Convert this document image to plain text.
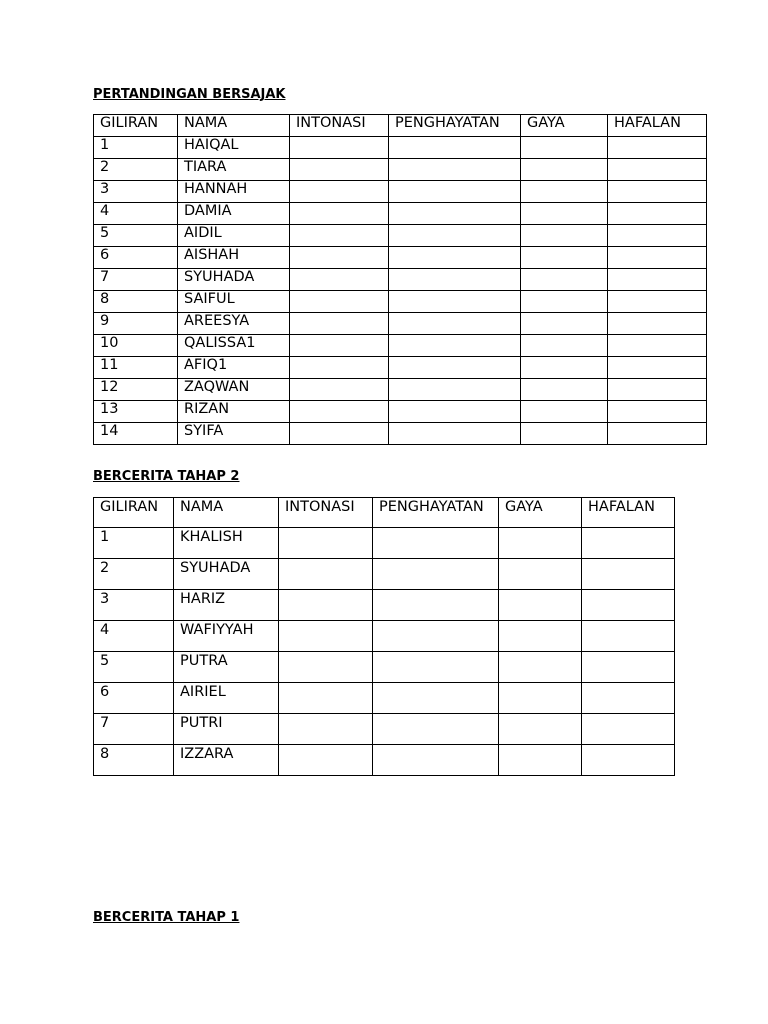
PERTANDINGAN BERSAJAK

GILIRAN	NAMA	INTONASI	PENGHAYATAN	GAYA	HAFALAN
1	HAIQAL				
2	TIARA				
3	HANNAH				
4	DAMIA				
5	AIDIL				
6	AISHAH				
7	SYUHADA				
8	SAIFUL				
9	AREESYA				
10	QALISSA1				
11	AFIQ1				
12	ZAQWAN				
13	RIZAN				
14	SYIFA				

BERCERITA TAHAP 2

GILIRAN	NAMA	INTONASI	PENGHAYATAN	GAYA	HAFALAN
1	KHALISH				
2	SYUHADA				
3	HARIZ				
4	WAFIYYAH				
5	PUTRA				
6	AIRIEL				
7	PUTRI				
8	IZZARA				

BERCERITA TAHAP 1
